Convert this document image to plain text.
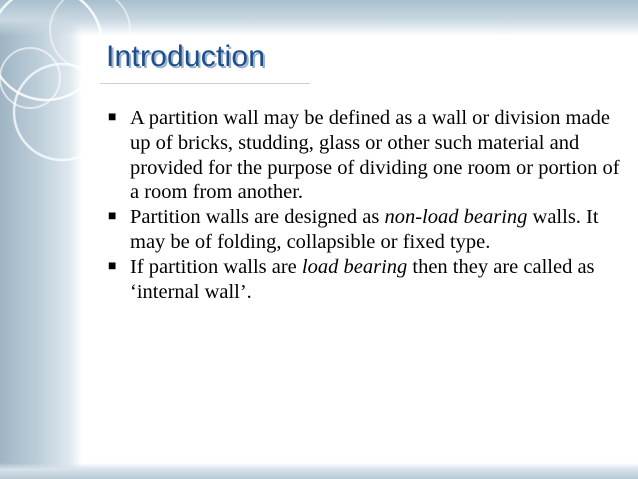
Introduction
■ A partition wall may be defined as a wall or division made up of bricks, studding, glass or other such material and provided for the purpose of dividing one room or portion of a room from another.
■ Partition walls are designed as non-load bearing walls. It may be of folding, collapsible or fixed type.
■ If partition walls are load bearing then they are called as ‘internal wall’.
